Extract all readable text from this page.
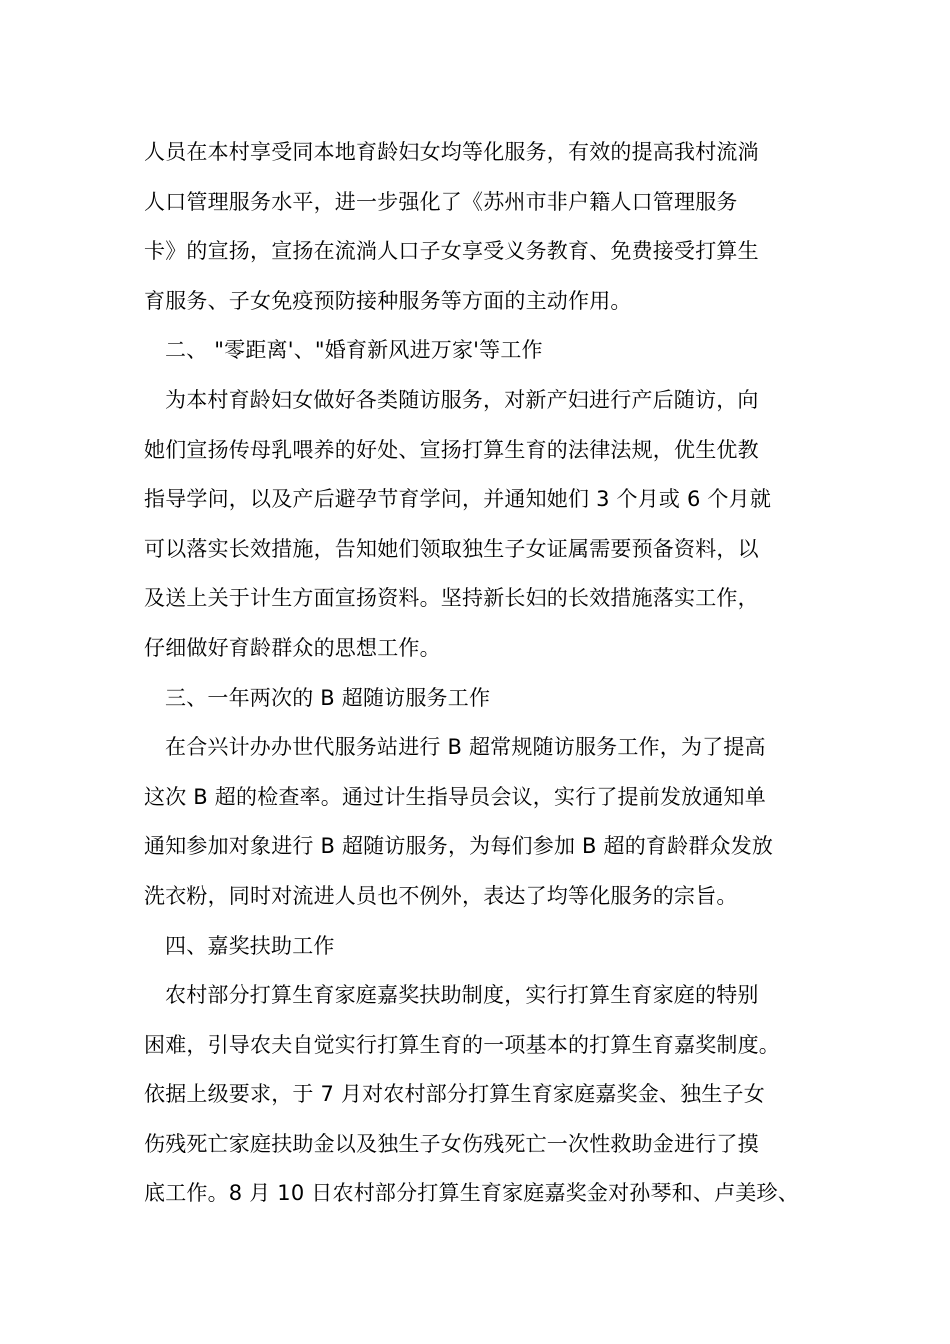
人员在本村享受同本地育龄妇女均等化服务，有效的提高我村流淌
人口管理服务水平，进一步强化了《苏州市非户籍人口管理服务
卡》的宣扬，宣扬在流淌人口子女享受义务教育、免费接受打算生
育服务、子女免疫预防接种服务等方面的主动作用。
二、 "零距离'、"婚育新风进万家'等工作
为本村育龄妇女做好各类随访服务，对新产妇进行产后随访，向
她们宣扬传母乳喂养的好处、宣扬打算生育的法律法规，优生优教
指导学问，以及产后避孕节育学问，并通知她们 3 个月或 6 个月就
可以落实长效措施，告知她们领取独生子女证属需要预备资料，以
及送上关于计生方面宣扬资料。坚持新长妇的长效措施落实工作，
仔细做好育龄群众的思想工作。
三、一年两次的 B 超随访服务工作
在合兴计办办世代服务站进行 B 超常规随访服务工作，为了提高
这次 B 超的检查率。通过计生指导员会议，实行了提前发放通知单
通知参加对象进行 B 超随访服务，为每们参加 B 超的育龄群众发放
洗衣粉，同时对流进人员也不例外，表达了均等化服务的宗旨。
四、嘉奖扶助工作
农村部分打算生育家庭嘉奖扶助制度，实行打算生育家庭的特别
困难，引导农夫自觉实行打算生育的一项基本的打算生育嘉奖制度。
依据上级要求，于 7 月对农村部分打算生育家庭嘉奖金、独生子女
伤残死亡家庭扶助金以及独生子女伤残死亡一次性救助金进行了摸
底工作。8 月 10 日农村部分打算生育家庭嘉奖金对孙琴和、卢美珍、
